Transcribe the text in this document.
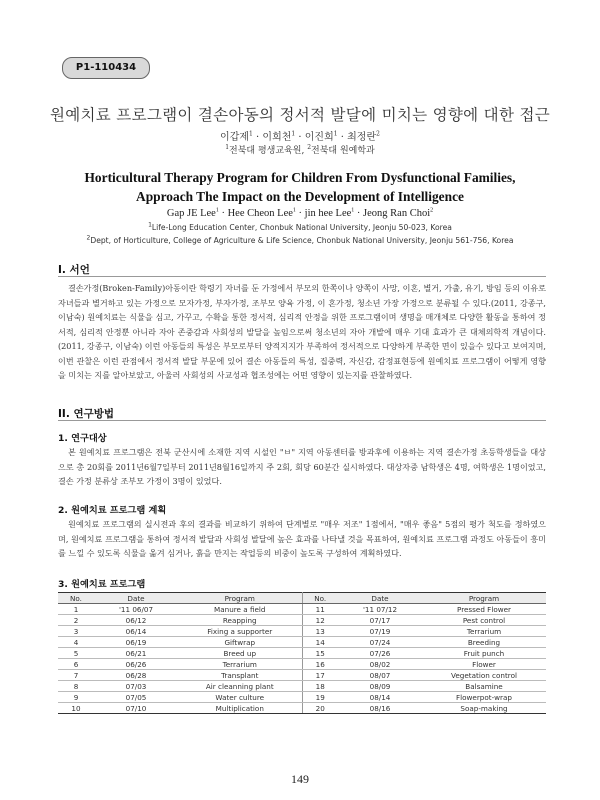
P1-110434
원예치료 프로그램이 결손아동의 정서적 발달에 미치는 영향에 대한 접근
이갑제$^1$ · 이희천$^1$ · 이진희$^1$ · 최정란$^2$
$^1$전북대 평생교육원, $^2$전북대 원예학과
Horticultural Therapy Program for Children From Dysfunctional Families, Approach The Impact on the Development of Intelligence
Gap JE Lee$^1$ · Hee Cheon Lee$^1$ · jin hee Lee$^1$ · Jeong Ran Choi$^2$
$^1$Life-Long Education Center, Chonbuk National University, Jeonju 50-023, Korea
$^2$Dept, of Horticulture, College of Agriculture & Life Science, Chonbuk National University, Jeonju 561-756, Korea
I. 서언
결손가정(Broken-Family)아동이란 학령기 자녀를 둔 가정에서 부모의 한쪽이나 양쪽이 사망, 이혼, 별거, 가출, 유기, 방임 등의 이유로 자녀들과 별거하고 있는 가정으로 모자가정, 부자가정, 조부모 양육 가정, 이 혼가정, 청소년 가장 가정으로 분류될 수 있다.(2011, 강종구, 이남숙) 원예치료는 식물을 심고, 가꾸고, 수확을 통한 정서적, 심리적 안정을 위한 프로그램이며 생명을 매개체로 다양한 활동을 통하여 정서적, 심리적 안정뿐 아니라 자아 존중감과 사회성의 발달을 높임으로써 청소년의 자아 개발에 매우 기대 효과가 큰 대체의학적 개념이다.(2011, 강종구, 이남숙) 이런 아동들의 특성은 부모로부터 양적지지가 부족하여 정서적으로 다양하게 부족한 면이 있을수 있다고 보여지며, 이번 관찰은 이런 관점에서 정서적 발달 부문에 있어 결손 아동들의 특성, 집중력, 자신감, 감정표현등에 원예치료 프로그램이 어떻게 영향을 미치는 지를 알아보았고, 아울러 사회성의 사교성과 협조성에는 어떤 영향이 있는지를 관찰하였다.
II. 연구방법
1. 연구대상
본 원예치료 프로그램은 전북 군산시에 소재한 지역 시설인 "ㅂ" 지역 아동센터를 방과후에 이용하는 지역 결손가정 초등학생들을 대상으로 총 20회를 2011년6월7일부터 2011년8월16일까지 주 2회, 회당 60분간 실시하였다. 대상자중 남학생은 4명, 여학생은 1명이었고, 결손 가정 분류상 조부모 가정이 3명이 있었다.
2. 원예치료 프로그램 계획
원예치료 프로그램의 실시전과 후의 결과를 비교하기 위하여 단계별로 "매우 저조" 1점에서, "매우 좋음" 5점의 평가 척도를 정하였으며, 원예치료 프로그램을 통하여 정서적 발달과 사회성 발달에 높은 효과를 나타낼 것을 목표하여, 원예치료 프로그램 과정도 아동들이 흥미를 느낄 수 있도록 식물을 옮겨 심거나, 흙을 만지는 작업등의 비중이 높도록 구성하여 계획하였다.
3. 원예치료 프로그램
No.	Date	Program	No.	Date	Program
1	'11 06/07	Manure a field	11	'11 07/12	Pressed Flower
2	06/12	Reapping	12	07/17	Pest control
3	06/14	Fixing a supporter	13	07/19	Terrarium
4	06/19	Giftwrap	14	07/24	Breeding
5	06/21	Breed up	15	07/26	Fruit punch
6	06/26	Terrarium	16	08/02	Flower
7	06/28	Transplant	17	08/07	Vegetation control
8	07/03	Air cleanning plant	18	08/09	Balsamine
9	07/05	Water culture	19	08/14	Flowerpot-wrap
10	07/10	Multiplication	20	08/16	Soap-making
149
